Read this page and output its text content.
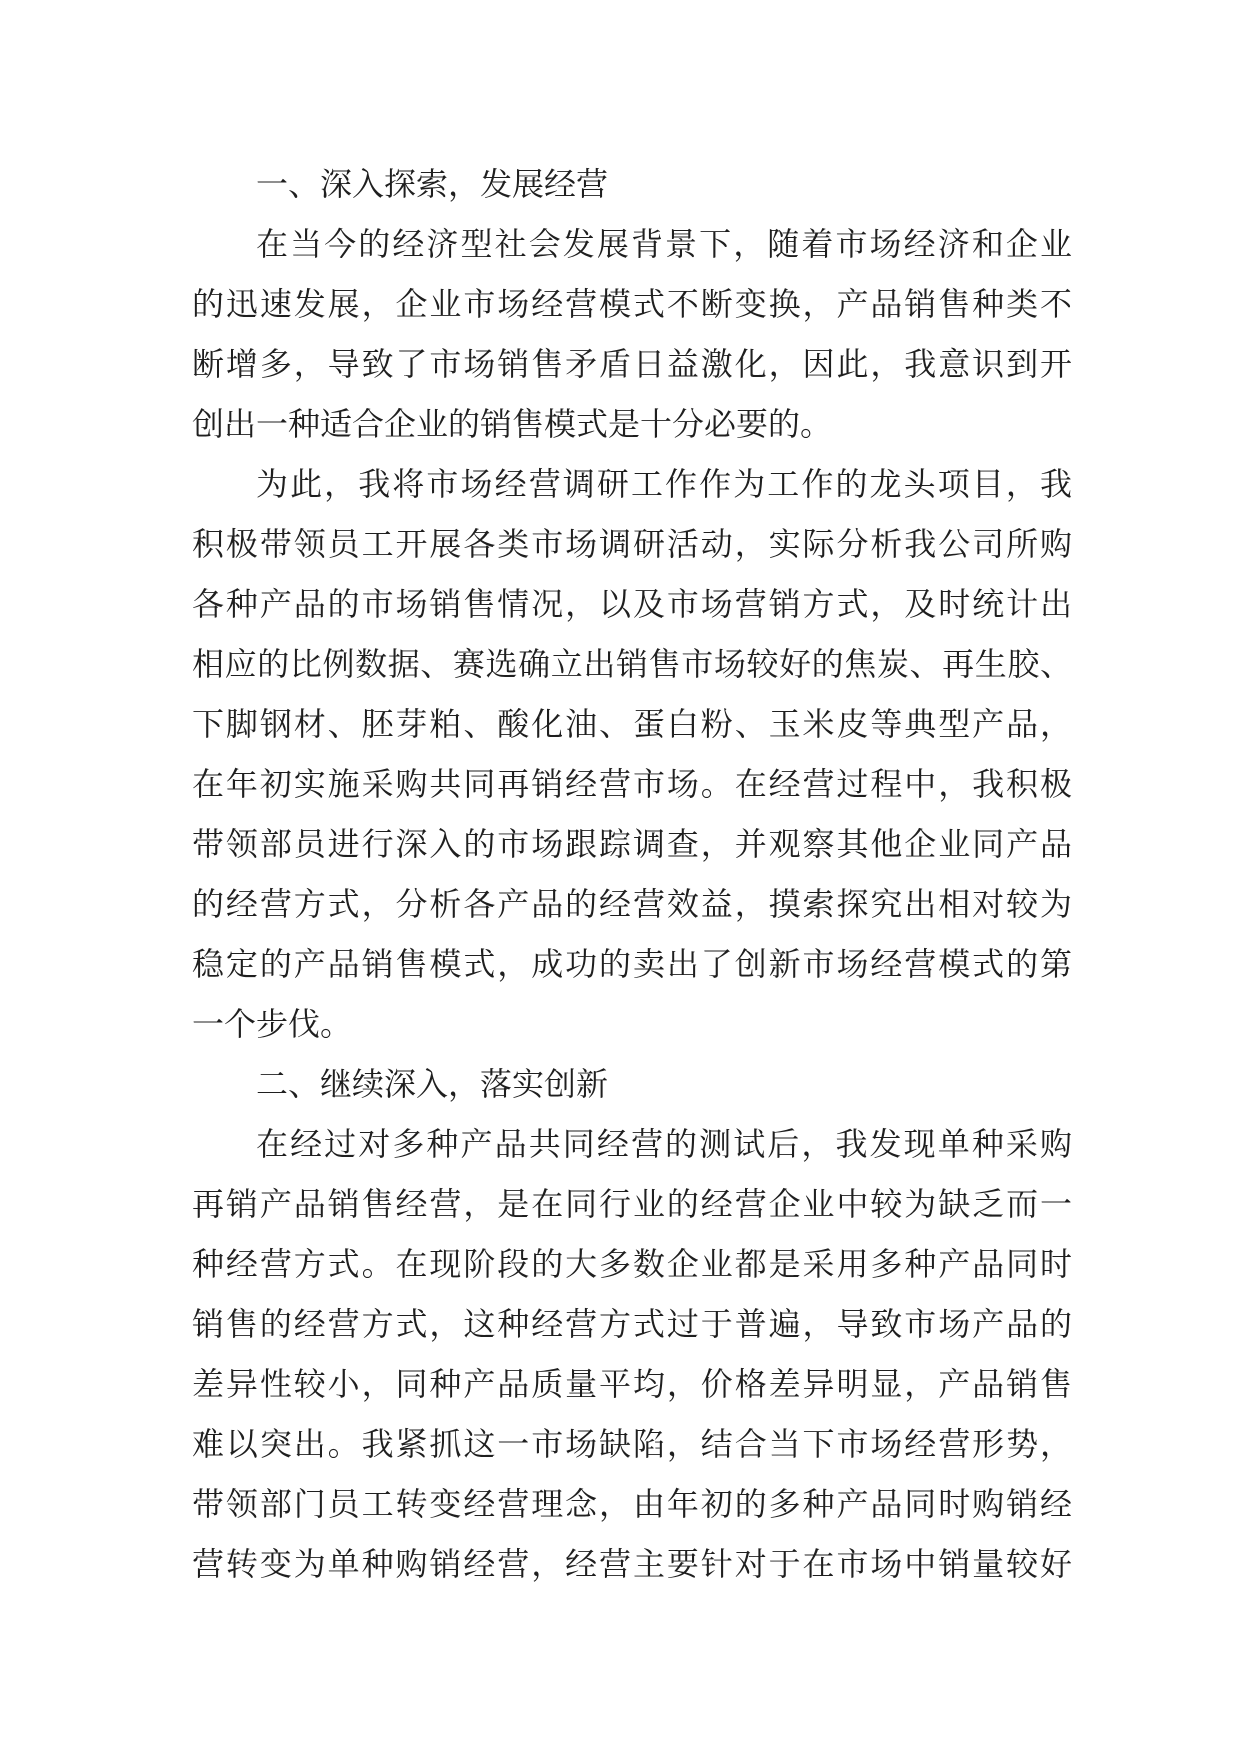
一、深入探索，发展经营
在当今的经济型社会发展背景下，随着市场经济和企业
的迅速发展，企业市场经营模式不断变换，产品销售种类不
断增多，导致了市场销售矛盾日益激化，因此，我意识到开
创出一种适合企业的销售模式是十分必要的。
为此，我将市场经营调研工作作为工作的龙头项目，我
积极带领员工开展各类市场调研活动，实际分析我公司所购
各种产品的市场销售情况，以及市场营销方式，及时统计出
相应的比例数据、赛选确立出销售市场较好的焦炭、再生胶、
下脚钢材、胚芽粕、酸化油、蛋白粉、玉米皮等典型产品，
在年初实施采购共同再销经营市场。在经营过程中，我积极
带领部员进行深入的市场跟踪调查，并观察其他企业同产品
的经营方式，分析各产品的经营效益，摸索探究出相对较为
稳定的产品销售模式，成功的卖出了创新市场经营模式的第
一个步伐。
二、继续深入，落实创新
在经过对多种产品共同经营的测试后，我发现单种采购
再销产品销售经营，是在同行业的经营企业中较为缺乏而一
种经营方式。在现阶段的大多数企业都是采用多种产品同时
销售的经营方式，这种经营方式过于普遍，导致市场产品的
差异性较小，同种产品质量平均，价格差异明显，产品销售
难以突出。我紧抓这一市场缺陷，结合当下市场经营形势，
带领部门员工转变经营理念，由年初的多种产品同时购销经
营转变为单种购销经营，经营主要针对于在市场中销量较好
